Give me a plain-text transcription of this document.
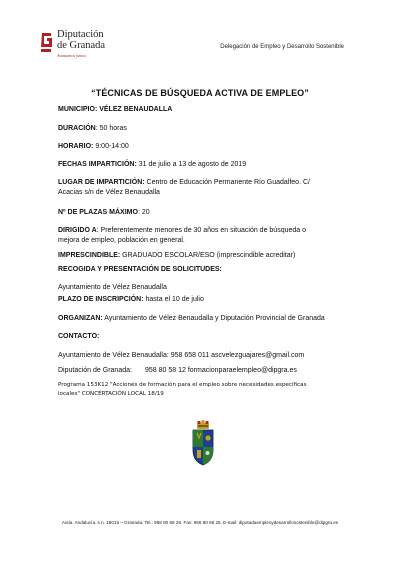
Diputación
de Granada
Avanzamos juntos
Delegación de Empleo y Desarrollo Sostenible
“TÉCNICAS DE BÚSQUEDA ACTIVA DE EMPLEO”
MUNICIPIO: VÉLEZ BENAUDALLA
DURACIÓN: 50 horas
HORARIO: 9:00-14:00
FECHAS IMPARTICIÓN: 31 de julio a 13 de agosto de 2019
LUGAR DE IMPARTICIÓN: Centro de Educación Permanente Río Guadalfeo. C/
Acacias s/n de Vélez Benaudalla
Nº DE PLAZAS MÁXIMO: 20
DIRIGIDO A: Preferentemente menores de 30 años en situación de búsqueda o
mejora de empleo, población en general.
IMPRESCINDIBLE: GRADUADO ESCOLAR/ESO (imprescindible acreditar)
RECOGIDA Y PRESENTACIÓN DE SOLICITUDES:
Ayuntamiento de Vélez Benaudalla
PLAZO DE INSCRIPCIÓN: hasta el 10 de julio
ORGANIZAN: Ayuntamiento de Vélez Benaudalla y Diputación Provincial de Granada
CONTACTO:
Ayuntamiento de Vélez Benaudalla: 958 658 011 ascvelezguajares@gmail.com
Diputación de Granada: 958 80 58 12 formacionparaelempleo@dipgra.es
Programa 153K12 "Acciones de formación para el empleo sobre necesidades específicas
locales" CONCERTACIÓN LOCAL 18/19
Avda. Andalucía, s.n. 18015 – Granada. Tel.: 958 80 58 26. Fax: 958 80 58 25. E-mail: diputadaempleoydesarrollosostenible@dipgra.es
